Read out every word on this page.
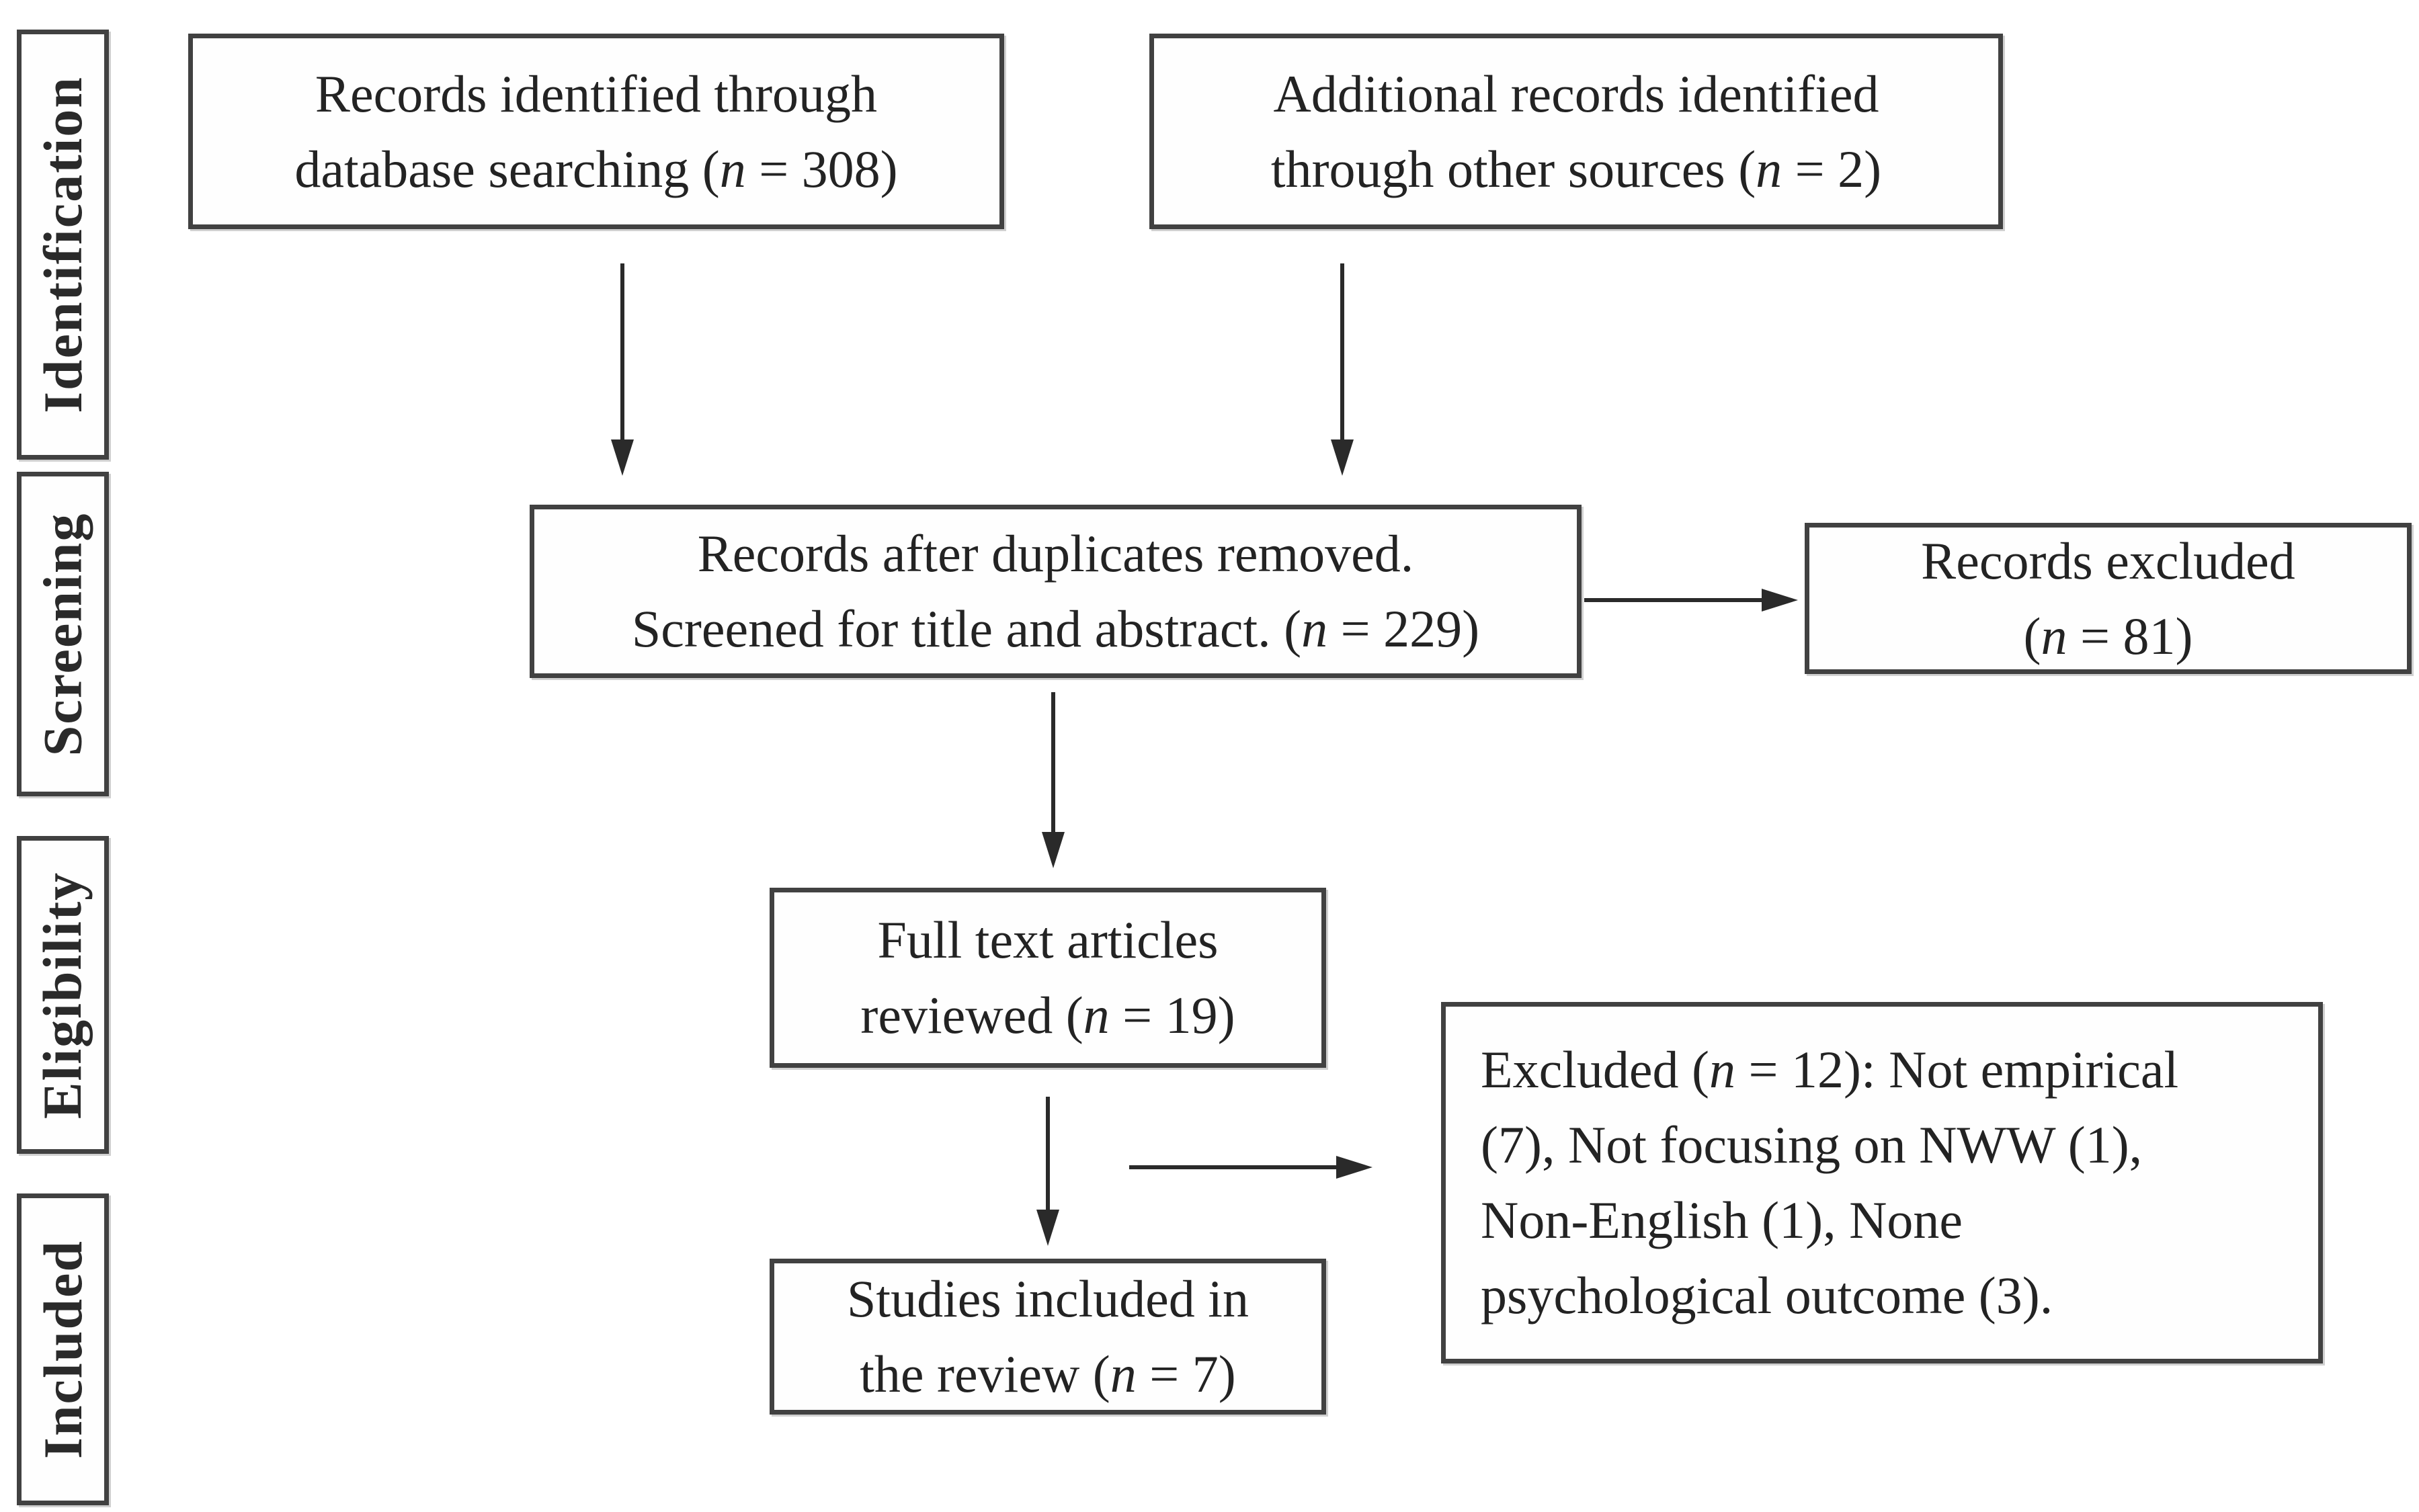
Identification
Screening
Eligibility
Included
Records identified through
database searching (n = 308)
Additional records identified
through other sources (n = 2)
Records after duplicates removed.
Screened for title and abstract. (n = 229)
Records excluded
(n = 81)
Full text articles
reviewed (n = 19)
Excluded (n = 12): Not empirical
(7), Not focusing on NWW (1),
Non-English (1), None
psychological outcome (3).
Studies included in
the review (n = 7)
